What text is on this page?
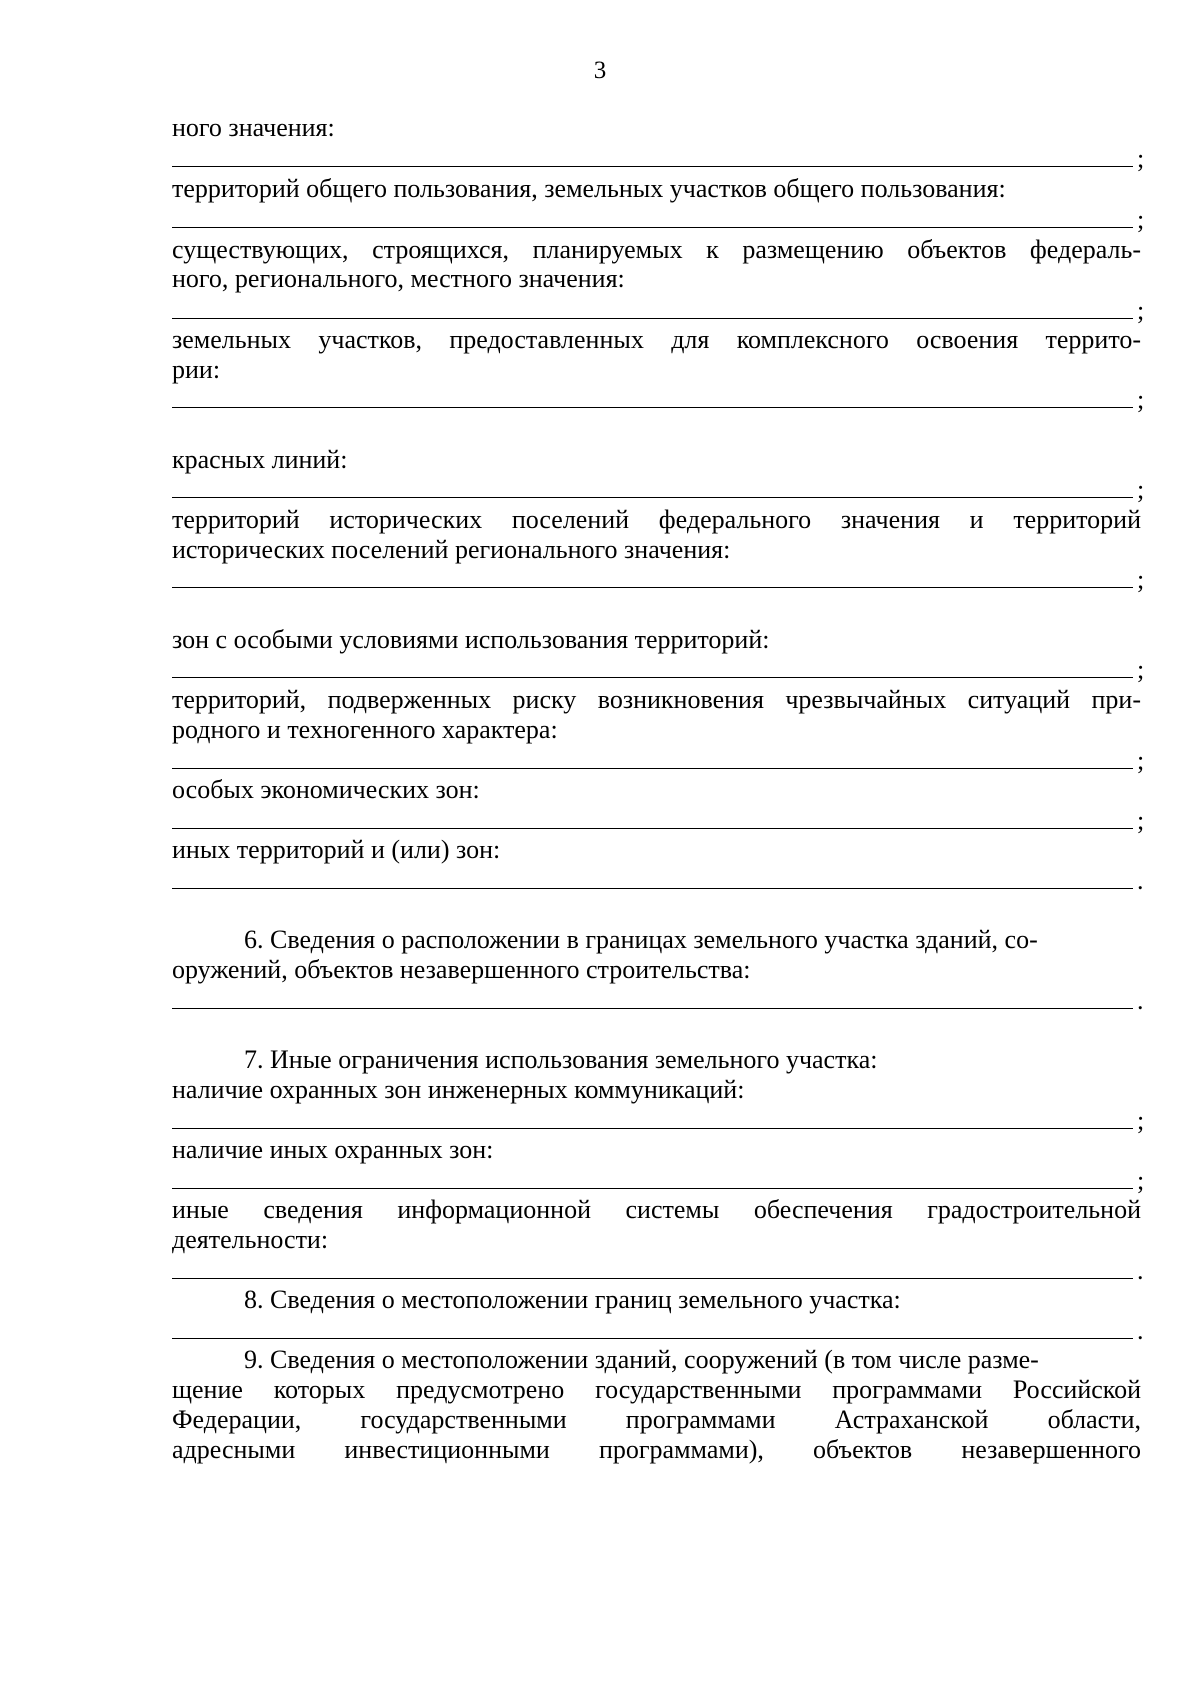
3
ного значения:
;
территорий общего пользования, земельных участков общего пользования:
;
существующих, строящихся, планируемых к размещению объектов федераль-
ного, регионального, местного значения:
;
земельных участков, предоставленных для комплексного освоения террито-
рии:
;
красных линий:
;
территорий исторических поселений федерального значения и территорий
исторических поселений регионального значения:
;
зон с особыми условиями использования территорий:
;
территорий, подверженных риску возникновения чрезвычайных ситуаций при-
родного и техногенного характера:
;
особых экономических зон:
;
иных территорий и (или) зон:
.
6. Сведения о расположении в границах земельного участка зданий, со-
оружений, объектов незавершенного строительства:
.
7. Иные ограничения использования земельного участка:
наличие охранных зон инженерных коммуникаций:
;
наличие иных охранных зон:
;
иные сведения информационной системы обеспечения градостроительной
деятельности:
.
8. Сведения о местоположении границ земельного участка:
.
9. Сведения о местоположении зданий, сооружений (в том числе разме-
щение которых предусмотрено государственными программами Российской
Федерации, государственными программами Астраханской области,
адресными инвестиционными программами), объектов незавершенного
